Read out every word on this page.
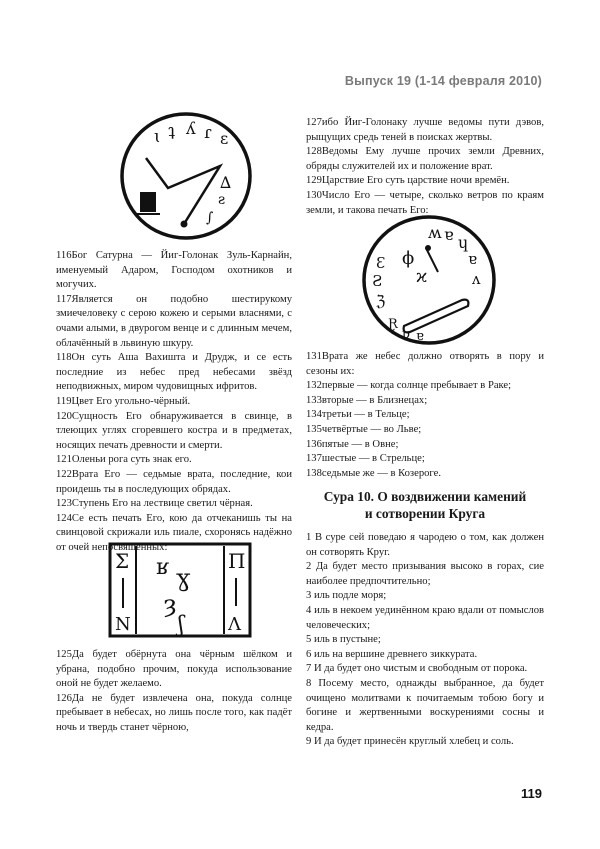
Выпуск 19 (1-14 февраля 2010)
ɩ ʇ ʎ ɾ ɛ
∆
ƨ
∫

116Бог Сатурна — Йиг-Голонак Зуль-Карнайн, именуемый Адаром, Господом охотников и могучих.

117Является он подобно шестирукому змиечеловеку с серою кожею и серыми власнями, с очами алыми, в двурогом венце и с длинным мечем, облачённый в львиную шкуру.

118Он суть Аша Вахишта и Друдж, и се есть последние из небес пред небесами звёзд неподвижных, миром чудовищных ифритов.

119Цвет Его угольно-чёрный.

120Сущность Его обнаруживается в свинце, в тлеющих углях сгоревшего костра и в предметах, носящих печать древности и смерти.

121Оленьи рога суть знак его.

122Врата Его — седьмые врата, последние, кои проидешь ты в последующих обрядах.

123Ступень Его на лествице светил чёрная.

124Се есть печать Его, кою да отчеканишь ты на свинцовой скрижали иль пиале, схоронясь надёжно от очей непосвящённых:

Σ
N
Π
Λ
ʁ ɣ
ȝ
ʃ

125Да будет обёрнута она чёрным шёлком и убрана, подобно прочим, покуда использование оной не будет желаемо.

126Да не будет извлечена она, покуда солнце пребывает в небесах, но лишь после того, как падёт ночь и твердь станет чёрною,

127ибо Йиг-Голонаку лучше ведомы пути дэвов, рыщущих средь теней в поисках жертвы.

128Ведомы Ему лучше прочих земли Древних, обряды служителей их и положение врат.

129Царствие Его суть царствие ночи времён.

130Число Его — четыре, сколько ветров по краям земли, и такова печать Его:

ʍ ɐ ɥ
ɐ
ʌ
Ɛ
Ƨ
ℨ
ϕ
ϰ
Ɽ
ʋ ɐ

131Врата же небес должно отворять в пору и сезоны их:

132первые — когда солнце пребывает в Раке;

133вторые — в Близнецах;

134третьи — в Тельце;

135четвёртые — во Льве;

136пятые — в Овне;

137шестые — в Стрельце;

138седьмые же — в Козероге.

Сура 10. О воздвижении камений

и сотворении Круга

1 В суре сей поведаю я чародею о том, как должен он сотворять Круг.

2 Да будет место призывания высоко в горах, сие наиболее предпочтительно;

3 иль подле моря;

4 иль в некоем уединённом краю вдали от помыслов человеческих;

5 иль в пустыне;

6 иль на вершине древнего зиккурата.

7 И да будет оно чистым и свободным от порока.

8 Посему место, однажды выбранное, да будет очищено молитвами к почитаемым тобою богу и богине и жертвенными воскурениями сосны и кедра.

9 И да будет принесён круглый хлебец и соль.

119
